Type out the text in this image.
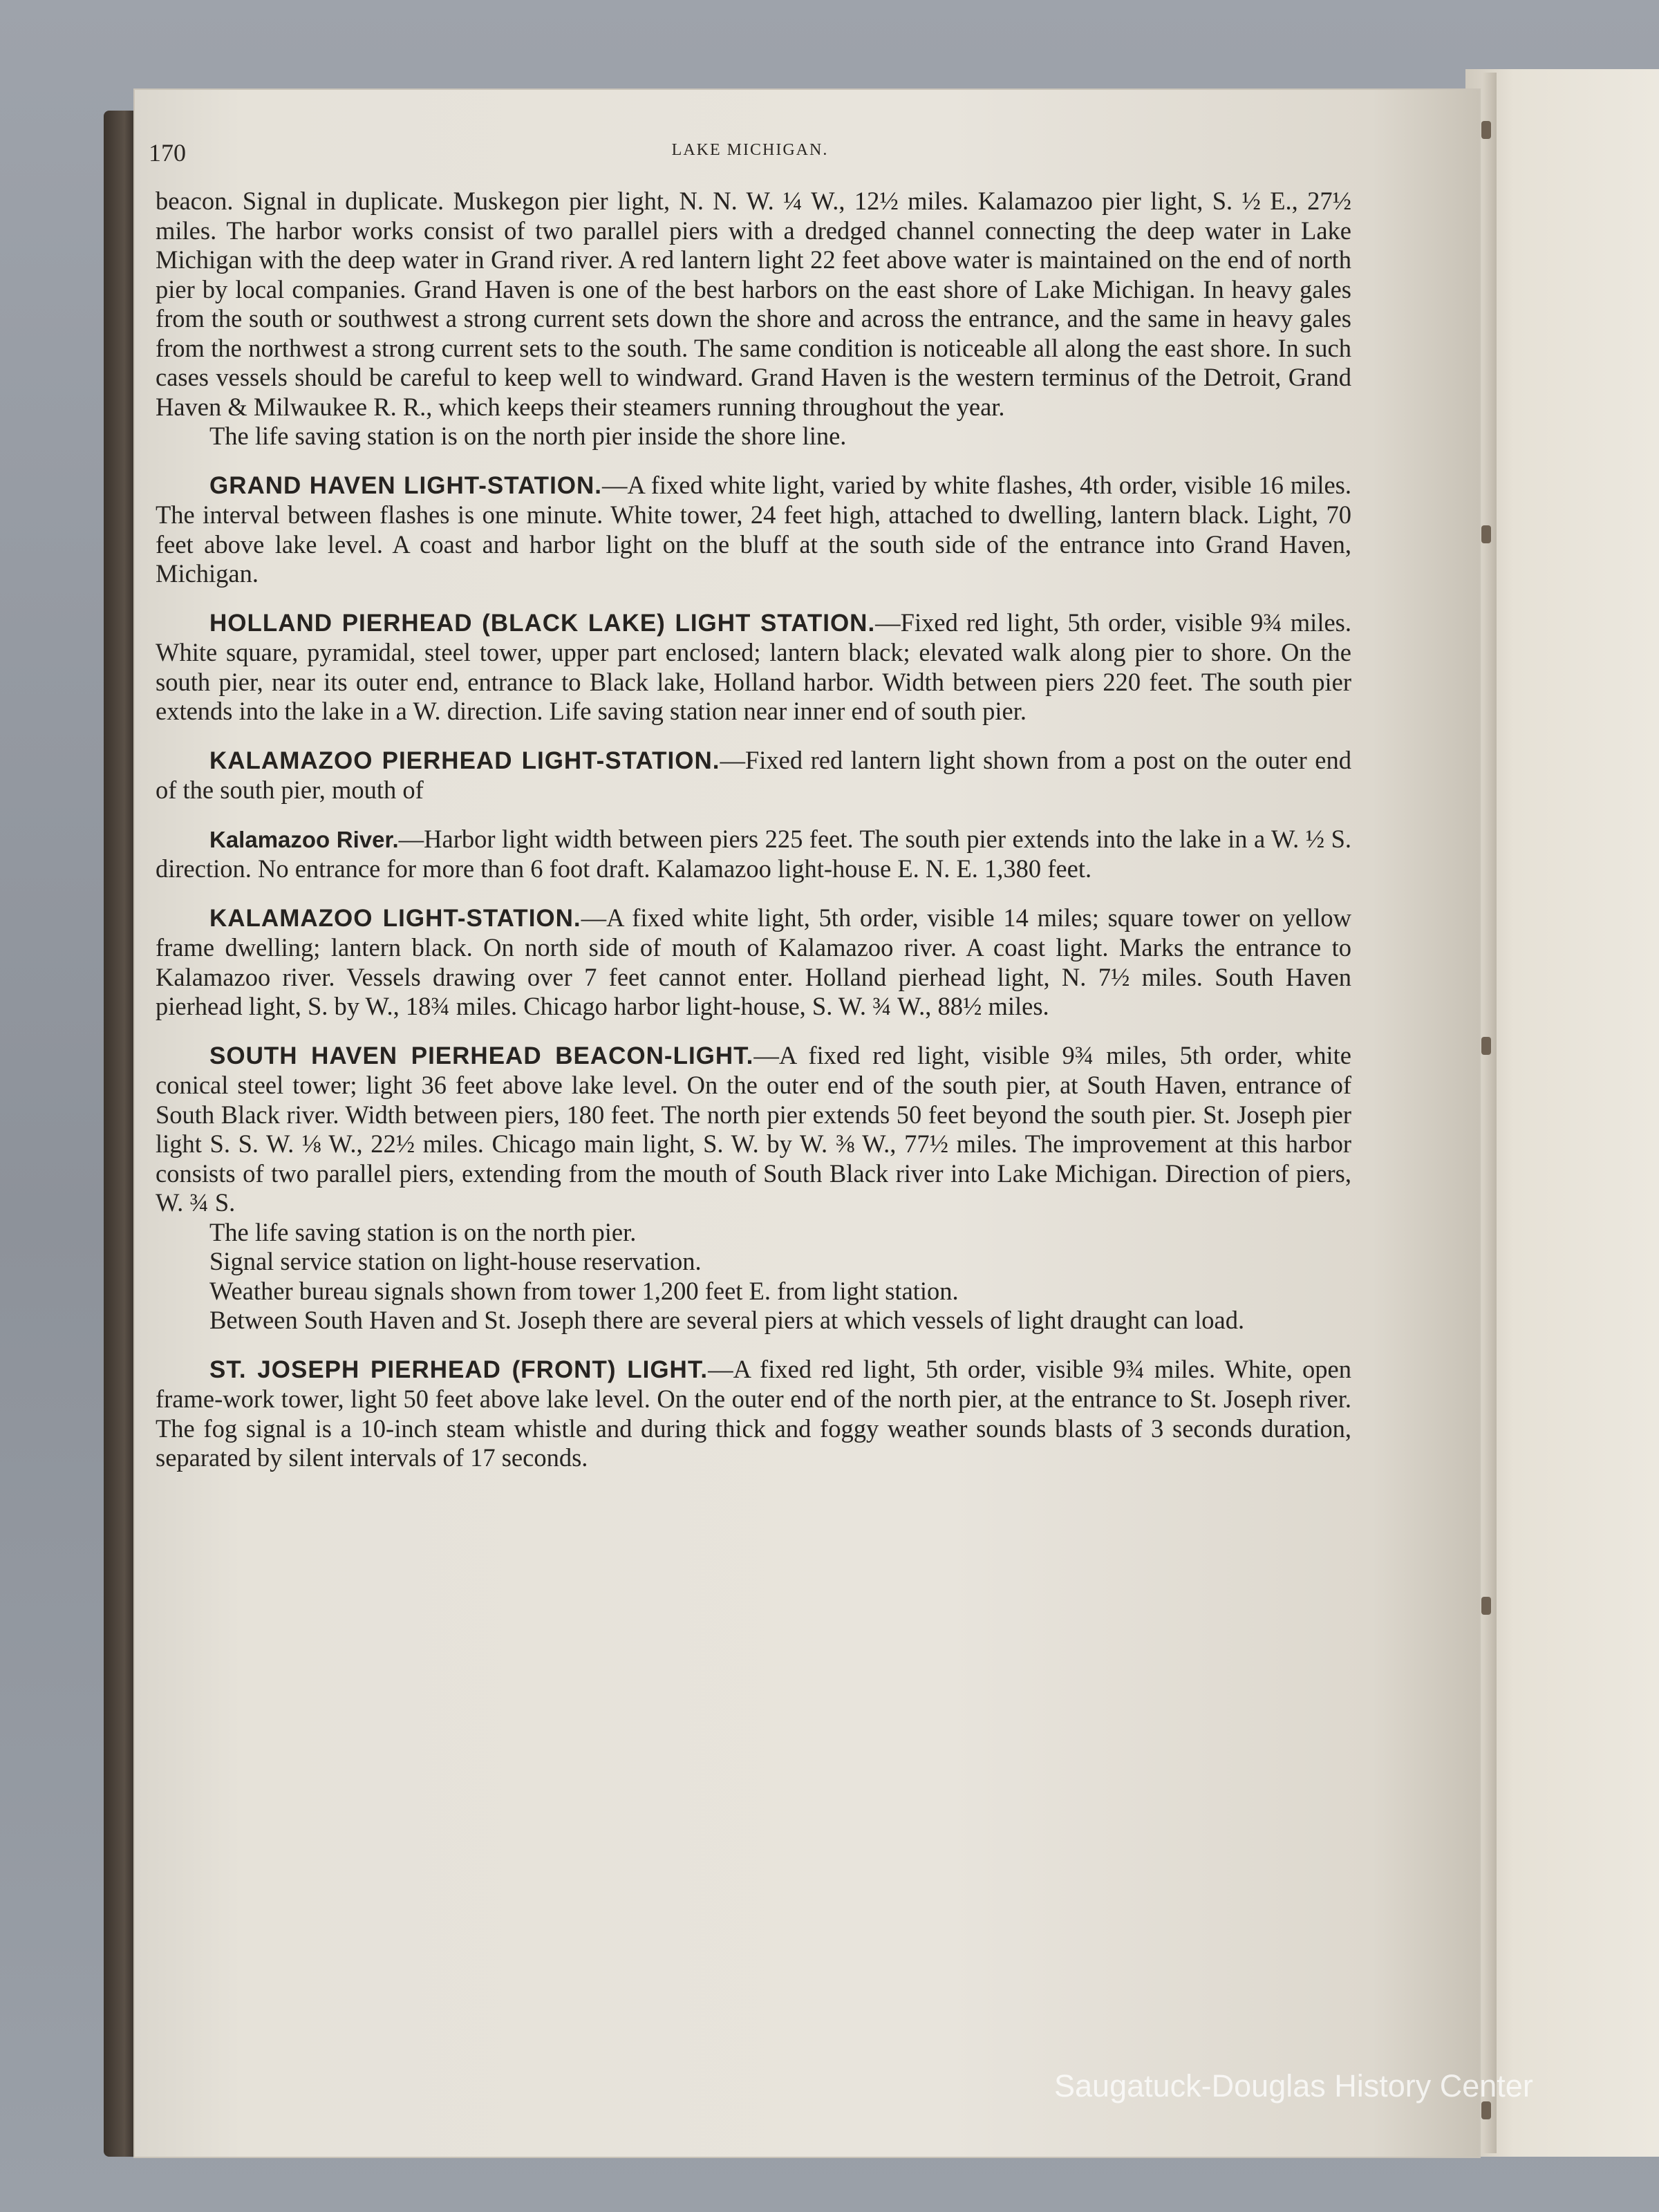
170	LAKE MICHIGAN.

beacon. Signal in duplicate. Muskegon pier light, N. N. W. ¼ W., 12½ miles. Kalamazoo pier light, S. ½ E., 27½ miles. The harbor works consist of two parallel piers with a dredged channel connecting the deep water in Lake Michigan with the deep water in Grand river. A red lantern light 22 feet above water is maintained on the end of north pier by local companies. Grand Haven is one of the best harbors on the east shore of Lake Michigan. In heavy gales from the south or southwest a strong current sets down the shore and across the entrance, and the same in heavy gales from the northwest a strong current sets to the south. The same condition is noticeable all along the east shore. In such cases vessels should be careful to keep well to windward. Grand Haven is the western terminus of the Detroit, Grand Haven & Milwaukee R. R., which keeps their steamers running throughout the year.

The life saving station is on the north pier inside the shore line.

GRAND HAVEN LIGHT-STATION.—A fixed white light, varied by white flashes, 4th order, visible 16 miles. The interval between flashes is one minute. White tower, 24 feet high, attached to dwelling, lantern black. Light, 70 feet above lake level. A coast and harbor light on the bluff at the south side of the entrance into Grand Haven, Michigan.

HOLLAND PIERHEAD (BLACK LAKE) LIGHT STATION.—Fixed red light, 5th order, visible 9¾ miles. White square, pyramidal, steel tower, upper part enclosed; lantern black; elevated walk along pier to shore. On the south pier, near its outer end, entrance to Black lake, Holland harbor. Width between piers 220 feet. The south pier extends into the lake in a W. direction. Life saving station near inner end of south pier.

KALAMAZOO PIERHEAD LIGHT-STATION.—Fixed red lantern light shown from a post on the outer end of the south pier, mouth of

Kalamazoo River.—Harbor light width between piers 225 feet. The south pier extends into the lake in a W. ½ S. direction. No entrance for more than 6 foot draft. Kalamazoo light-house E. N. E. 1,380 feet.

KALAMAZOO LIGHT-STATION.—A fixed white light, 5th order, visible 14 miles; square tower on yellow frame dwelling; lantern black. On north side of mouth of Kalamazoo river. A coast light. Marks the entrance to Kalamazoo river. Vessels drawing over 7 feet cannot enter. Holland pierhead light, N. 7½ miles. South Haven pierhead light, S. by W., 18¾ miles. Chicago harbor light-house, S. W. ¾ W., 88½ miles.

SOUTH HAVEN PIERHEAD BEACON-LIGHT.—A fixed red light, visible 9¾ miles, 5th order, white conical steel tower; light 36 feet above lake level. On the outer end of the south pier, at South Haven, entrance of South Black river. Width between piers, 180 feet. The north pier extends 50 feet beyond the south pier. St. Joseph pier light S. S. W. ⅛ W., 22½ miles. Chicago main light, S. W. by W. ⅜ W., 77½ miles. The improvement at this harbor consists of two parallel piers, extending from the mouth of South Black river into Lake Michigan. Direction of piers, W. ¾ S.

The life saving station is on the north pier.

Signal service station on light-house reservation.

Weather bureau signals shown from tower 1,200 feet E. from light station.

Between South Haven and St. Joseph there are several piers at which vessels of light draught can load.

ST. JOSEPH PIERHEAD (FRONT) LIGHT.—A fixed red light, 5th order, visible 9¾ miles. White, open frame-work tower, light 50 feet above lake level. On the outer end of the north pier, at the entrance to St. Joseph river. The fog signal is a 10-inch steam whistle and during thick and foggy weather sounds blasts of 3 seconds duration, separated by silent intervals of 17 seconds.

Saugatuck-Douglas History Center
